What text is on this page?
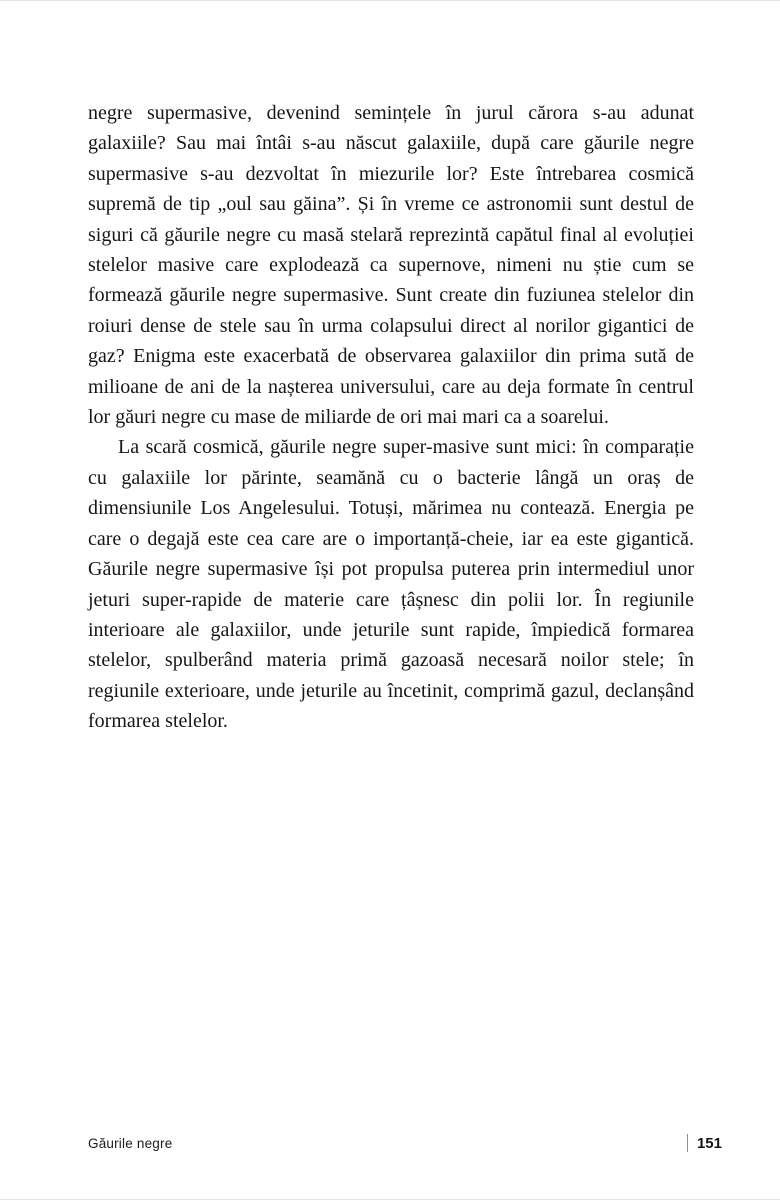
negre supermasive, devenind semințele în jurul cărora s-au adunat galaxiile? Sau mai întâi s-au născut galaxiile, după care găurile negre supermasive s-au dezvoltat în miezurile lor? Este întrebarea cosmică supremă de tip „oul sau găina”. Și în vreme ce astronomii sunt destul de siguri că găurile negre cu masă stelară reprezintă capătul final al evoluției stelelor masive care explodează ca supernove, nimeni nu știe cum se formează găurile negre supermasive. Sunt create din fuziunea stelelor din roiuri dense de stele sau în urma colapsului direct al norilor gigantici de gaz? Enigma este exacerbată de observarea galaxiilor din prima sută de milioane de ani de la nașterea universului, care au deja formate în centrul lor găuri negre cu mase de miliarde de ori mai mari ca a soarelui.

La scară cosmică, găurile negre super-masive sunt mici: în comparație cu galaxiile lor părinte, seamănă cu o bacterie lângă un oraș de dimensiunile Los Angelesului. Totuși, mărimea nu contează. Energia pe care o degajă este cea care are o importanță-cheie, iar ea este gigantică. Găurile negre supermasive își pot propulsa puterea prin intermediul unor jeturi super-rapide de materie care țâșnesc din polii lor. În regiunile interioare ale galaxiilor, unde jeturile sunt rapide, împiedică formarea stelelor, spulberând materia primă gazoasă necesară noilor stele; în regiunile exterioare, unde jeturile au încetinit, comprimă gazul, declanșând formarea stelelor.

Găurile negre	151
